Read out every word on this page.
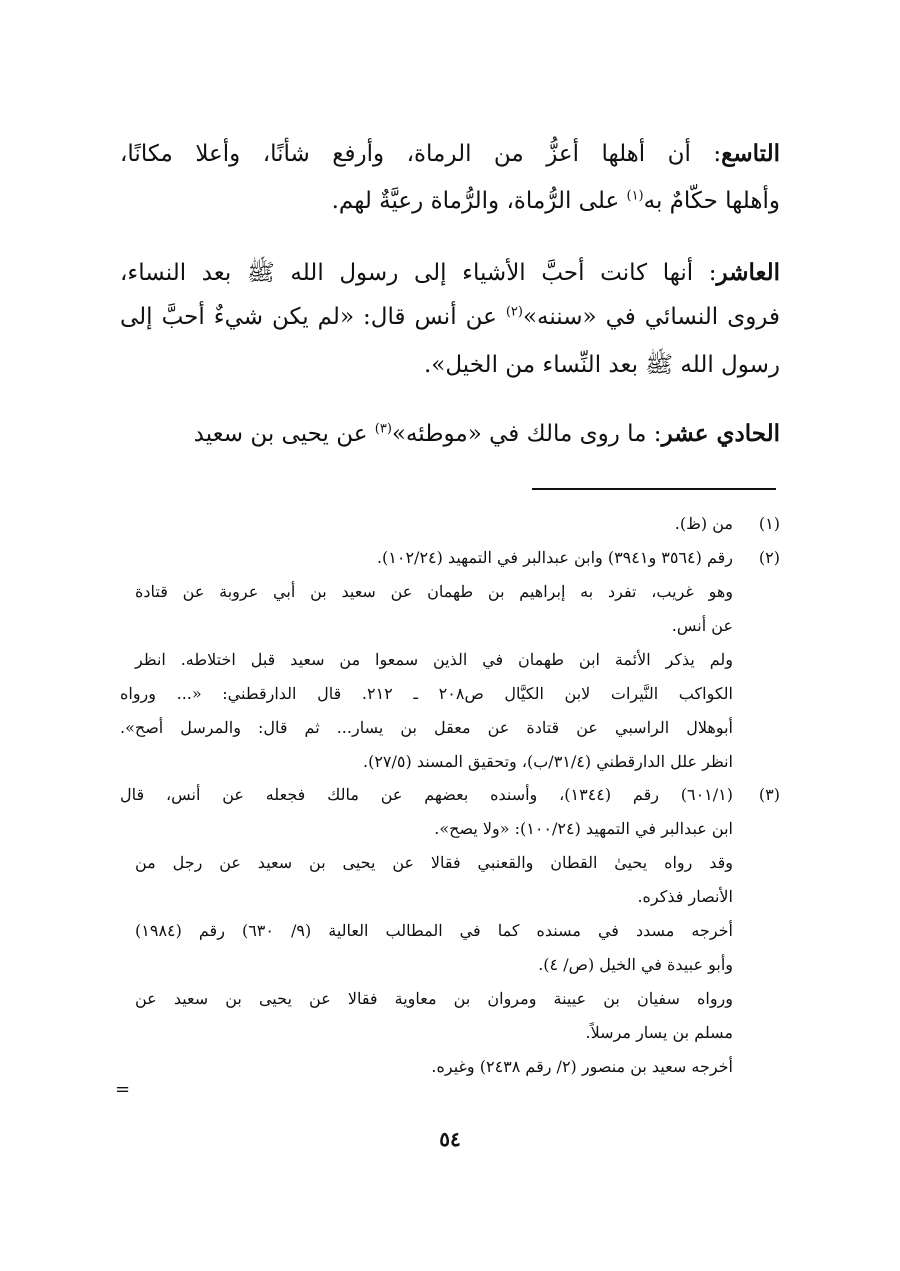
التاسع: أن أهلها أعزُّ من الرماة، وأرفع شأنًا، وأعلا مكانًا،
وأهلها حكّامٌ به$^{(١)}$ على الرُّماة، والرُّماة رعيَّةٌ لهم.
العاشر: أنها كانت أحبَّ الأشياء إلى رسول الله ﷺ بعد النساء،
فروى النسائي في «سننه»$^{(٢)}$ عن أنس قال: «لم يكن شيءٌ أحبَّ إلى
رسول الله ﷺ بعد النِّساء من الخيل».
الحادي عشر: ما روى مالك في «موطئه»$^{(٣)}$ عن يحيى بن سعيد
(١)
من (ظ).
(٢)
رقم (٣٥٦٤ و٣٩٤١) وابن عبدالبر في التمهيد (١٠٢/٢٤).
وهو غريب، تفرد به إبراهيم بن طهمان عن سعيد بن أبي عروبة عن قتادة
عن أنس.
ولم يذكر الأئمة ابن طهمان في الذين سمعوا من سعيد قبل اختلاطه. انظر
الكواكب النَّيرات لابن الكيَّال ص٢٠٨ ـ ٢١٢. قال الدارقطني: «... ورواه
أبوهلال الراسبي عن قتادة عن معقل بن يسار... ثم قال: والمرسل أصح».
انظر علل الدارقطني (٣١/٤/ب)، وتحقيق المسند (٢٧/٥).
(٣)
(٦٠١/١) رقم (١٣٤٤)، وأسنده بعضهم عن مالك فجعله عن أنس، قال
ابن عبدالبر في التمهيد (١٠٠/٢٤): «ولا يصح».
وقد رواه يحيىٰ القطان والقعنبي فقالا عن يحيى بن سعيد عن رجل من
الأنصار فذكره.
أخرجه مسدد في مسنده كما في المطالب العالية (٩/ ٦٣٠) رقم (١٩٨٤)
وأبو عبيدة في الخيل (ص/ ٤).
ورواه سفيان بن عيينة ومروان بن معاوية فقالا عن يحيى بن سعيد عن
مسلم بن يسار مرسلاً.
أخرجه سعيد بن منصور (٢/ رقم ٢٤٣٨) وغيره.
=
٥٤
